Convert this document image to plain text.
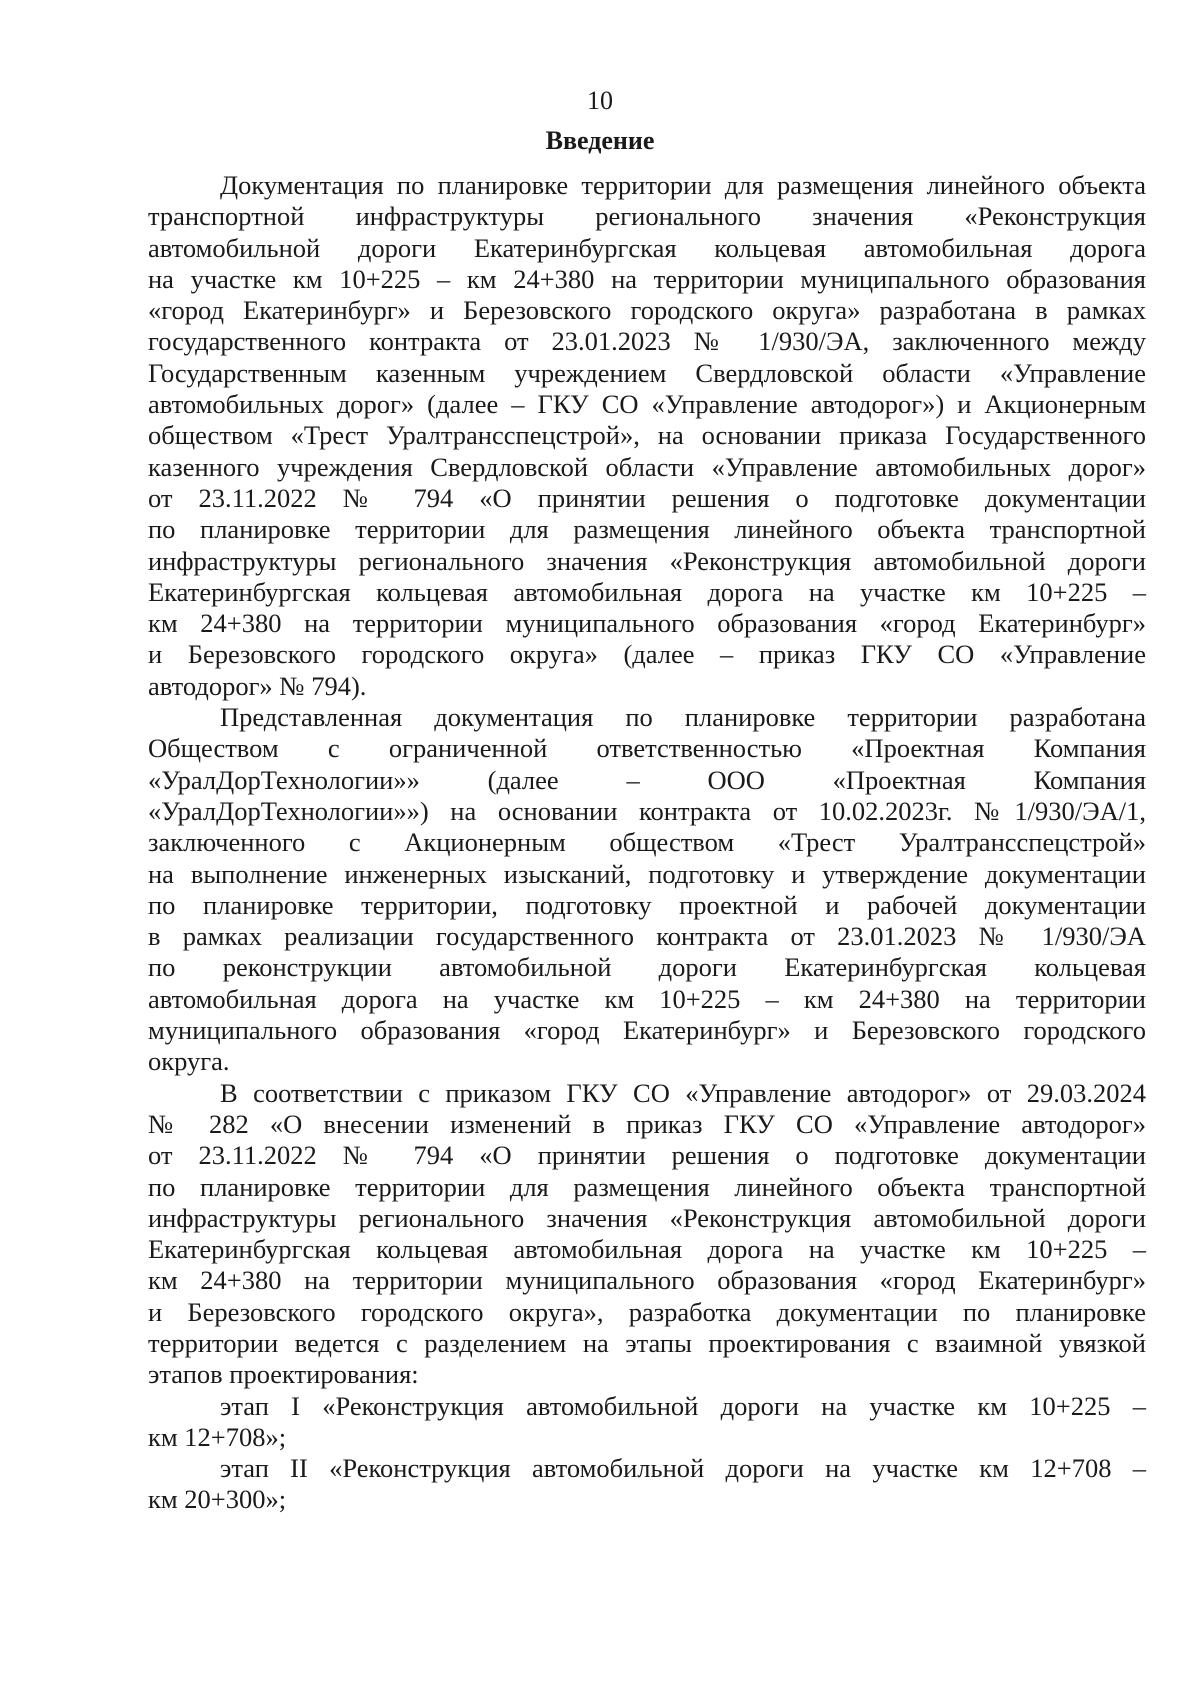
10
Введение
Документация по планировке территории для размещения линейного объекта
транспортной инфраструктуры регионального значения «Реконструкция
автомобильной дороги Екатеринбургская кольцевая автомобильная дорога
на участке км 10+225 – км 24+380 на территории муниципального образования
«город Екатеринбург» и Березовского городского округа» разработана в рамках
государственного контракта от 23.01.2023 № 1/930/ЭА, заключенного между
Государственным казенным учреждением Свердловской области «Управление
автомобильных дорог» (далее – ГКУ СО «Управление автодорог») и Акционерным
обществом «Трест Уралтрансспецстрой», на основании приказа Государственного
казенного учреждения Свердловской области «Управление автомобильных дорог»
от 23.11.2022 № 794 «О принятии решения о подготовке документации
по планировке территории для размещения линейного объекта транспортной
инфраструктуры регионального значения «Реконструкция автомобильной дороги
Екатеринбургская кольцевая автомобильная дорога на участке км 10+225 –
км 24+380 на территории муниципального образования «город Екатеринбург»
и Березовского городского округа» (далее – приказ ГКУ СО «Управление
автодорог» № 794).
Представленная документация по планировке территории разработана
Обществом с ограниченной ответственностью «Проектная Компания
«УралДорТехнологии»» (далее – ООО «Проектная Компания
«УралДорТехнологии»») на основании контракта от 10.02.2023г. №1/930/ЭА/1,
заключенного с Акционерным обществом «Трест Уралтрансспецстрой»
на выполнение инженерных изысканий, подготовку и утверждение документации
по планировке территории, подготовку проектной и рабочей документации
в рамках реализации государственного контракта от 23.01.2023 № 1/930/ЭА
по реконструкции автомобильной дороги Екатеринбургская кольцевая
автомобильная дорога на участке км 10+225 – км 24+380 на территории
муниципального образования «город Екатеринбург» и Березовского городского
округа.
В соответствии с приказом ГКУ СО «Управление автодорог» от 29.03.2024
№ 282 «О внесении изменений в приказ ГКУ СО «Управление автодорог»
от 23.11.2022 № 794 «О принятии решения о подготовке документации
по планировке территории для размещения линейного объекта транспортной
инфраструктуры регионального значения «Реконструкция автомобильной дороги
Екатеринбургская кольцевая автомобильная дорога на участке км 10+225 –
км 24+380 на территории муниципального образования «город Екатеринбург»
и Березовского городского округа», разработка документации по планировке
территории ведется с разделением на этапы проектирования с взаимной увязкой
этапов проектирования:
этап I «Реконструкция автомобильной дороги на участке км 10+225 –
км 12+708»;
этап II «Реконструкция автомобильной дороги на участке км 12+708 –
км 20+300»;
